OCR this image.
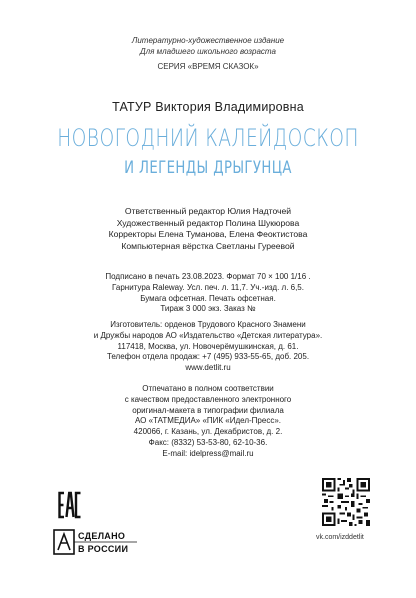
Литературно-художественное издание
Для младшего школьного возраста
СЕРИЯ «ВРЕМЯ СКАЗОК»
ТАТУР Виктория Владимировна
НОВОГОДНИЙ КАЛЕЙДОСКОП
И ЛЕГЕНДЫ ДРЫГУНЦА
Ответственный редактор Юлия Надточей
Художественный редактор Полина Шукюрова
Корректоры Елена Туманова, Елена Феоктистова
Компьютерная вёрстка Светланы Гуреевой
Подписано в печать 23.08.2023. Формат 70 × 100 1/16 .
Гарнитура Raleway. Усл. печ. л. 11,7. Уч.-изд. л. 6,5.
Бумага офсетная. Печать офсетная.
Тираж 3 000 экз. Заказ №
Изготовитель: орденов Трудового Красного Знамени
и Дружбы народов АО «Издательство «Детская литература».
117418, Москва, ул. Новочерёмушкинская, д. 61.
Телефон отдела продаж: +7 (495) 933-55-65, доб. 205.
www.detlit.ru
Отпечатано в полном соответствии
с качеством предоставленного электронного
оригинал-макета в типографии филиала
АО «ТАТМЕДИА» «ПИК «Идел-Пресс».
420066, г. Казань, ул. Декабристов, д. 2.
Факс: (8332) 53-53-80, 62-10-36.
E-mail: idelpress@mail.ru
СДЕЛАНО
В РОССИИ
vk.com/izddetlit
